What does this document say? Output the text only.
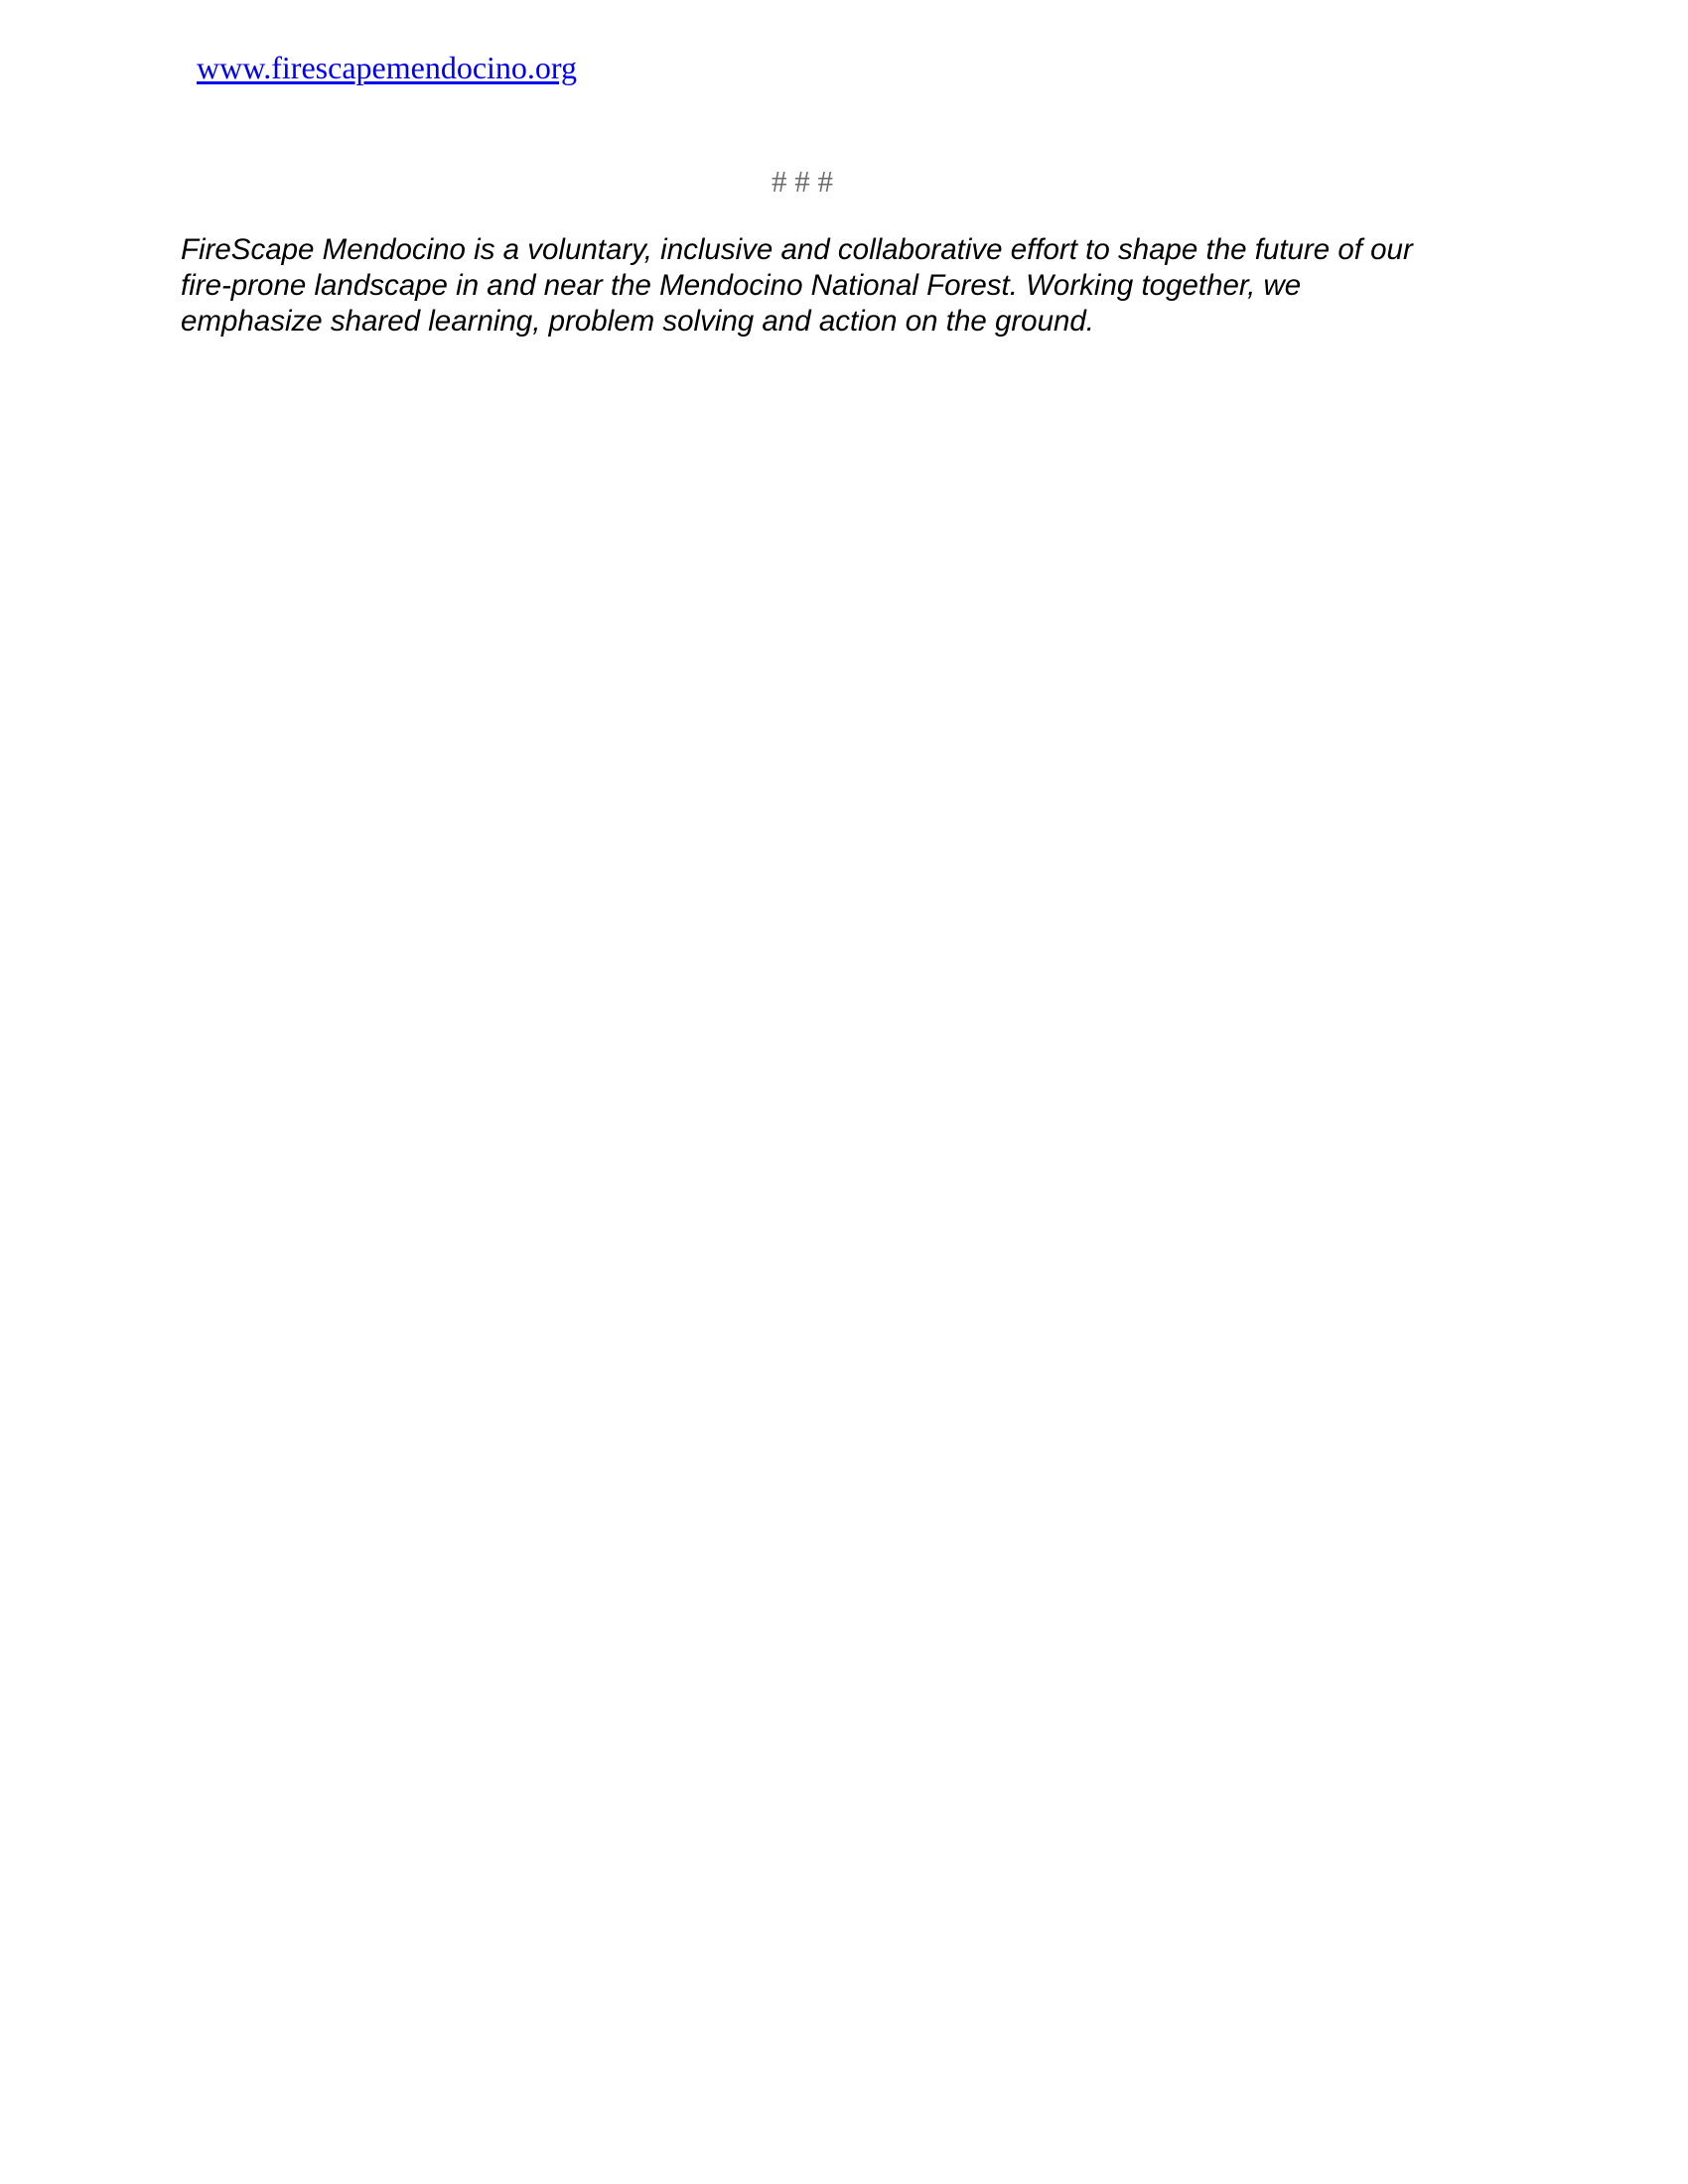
www.firescapemendocino.org
# # #

FireScape Mendocino is a voluntary, inclusive and collaborative effort to shape the future of our
fire-prone landscape in and near the Mendocino National Forest. Working together, we
emphasize shared learning, problem solving and action on the ground.
